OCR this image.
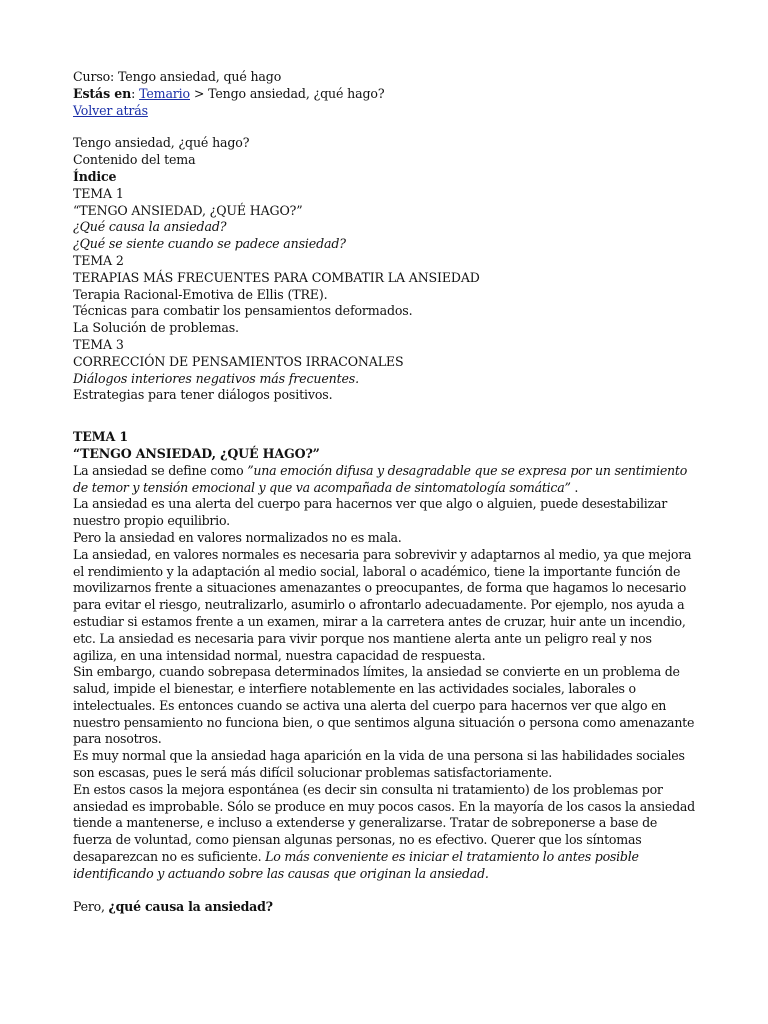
Curso: Tengo ansiedad, qué hago
Estás en: Temario > Tengo ansiedad, ¿qué hago?
Volver atrás
Tengo ansiedad, ¿qué hago?
Contenido del tema
Índice
TEMA 1
“TENGO ANSIEDAD, ¿QUÉ HAGO?”
¿Qué causa la ansiedad?
¿Qué se siente cuando se padece ansiedad?
TEMA 2
TERAPIAS MÁS FRECUENTES PARA COMBATIR LA ANSIEDAD
Terapia Racional-Emotiva de Ellis (TRE).
Técnicas para combatir los pensamientos deformados.
La Solución de problemas.
TEMA 3
CORRECCIÓN DE PENSAMIENTOS IRRACONALES
Diálogos interiores negativos más frecuentes.
Estrategias para tener diálogos positivos.
TEMA 1
“TENGO ANSIEDAD, ¿QUÉ HAGO?”

La ansiedad se define como ”una emoción difusa y desagradable que se expresa por un sentimiento de temor y tensión emocional y que va acompañada de sintomatología somática” .

La ansiedad es una alerta del cuerpo para hacernos ver que algo o alguien, puede desestabilizar nuestro propio equilibrio.

Pero la ansiedad en valores normalizados no es mala.

La ansiedad, en valores normales es necesaria para sobrevivir y adaptarnos al medio, ya que mejora el rendimiento y la adaptación al medio social, laboral o académico, tiene la importante función de movilizarnos frente a situaciones amenazantes o preocupantes, de forma que hagamos lo necesario para evitar el riesgo, neutralizarlo, asumirlo o afrontarlo adecuadamente. Por ejemplo, nos ayuda a estudiar si estamos frente a un examen, mirar a la carretera antes de cruzar, huir ante un incendio, etc. La ansiedad es necesaria para vivir porque nos mantiene alerta ante un peligro real y nos agiliza, en una intensidad normal, nuestra capacidad de respuesta.

Sin embargo, cuando sobrepasa determinados límites, la ansiedad se convierte en un problema de salud, impide el bienestar, e interfiere notablemente en las actividades sociales, laborales o intelectuales. Es entonces cuando se activa una alerta del cuerpo para hacernos ver que algo en nuestro pensamiento no funciona bien, o que sentimos alguna situación o persona como amenazante para nosotros.

Es muy normal que la ansiedad haga aparición en la vida de una persona si las habilidades sociales son escasas, pues le será más difícil solucionar problemas satisfactoriamente.

En estos casos la mejora espontánea (es decir sin consulta ni tratamiento) de los problemas por ansiedad es improbable. Sólo se produce en muy pocos casos. En la mayoría de los casos la ansiedad tiende a mantenerse, e incluso a extenderse y generalizarse. Tratar de sobreponerse a base de fuerza de voluntad, como piensan algunas personas, no es efectivo. Querer que los síntomas desaparezcan no es suficiente. Lo más conveniente es iniciar el tratamiento lo antes posible identificando y actuando sobre las causas que originan la ansiedad.

Pero, ¿qué causa la ansiedad?
